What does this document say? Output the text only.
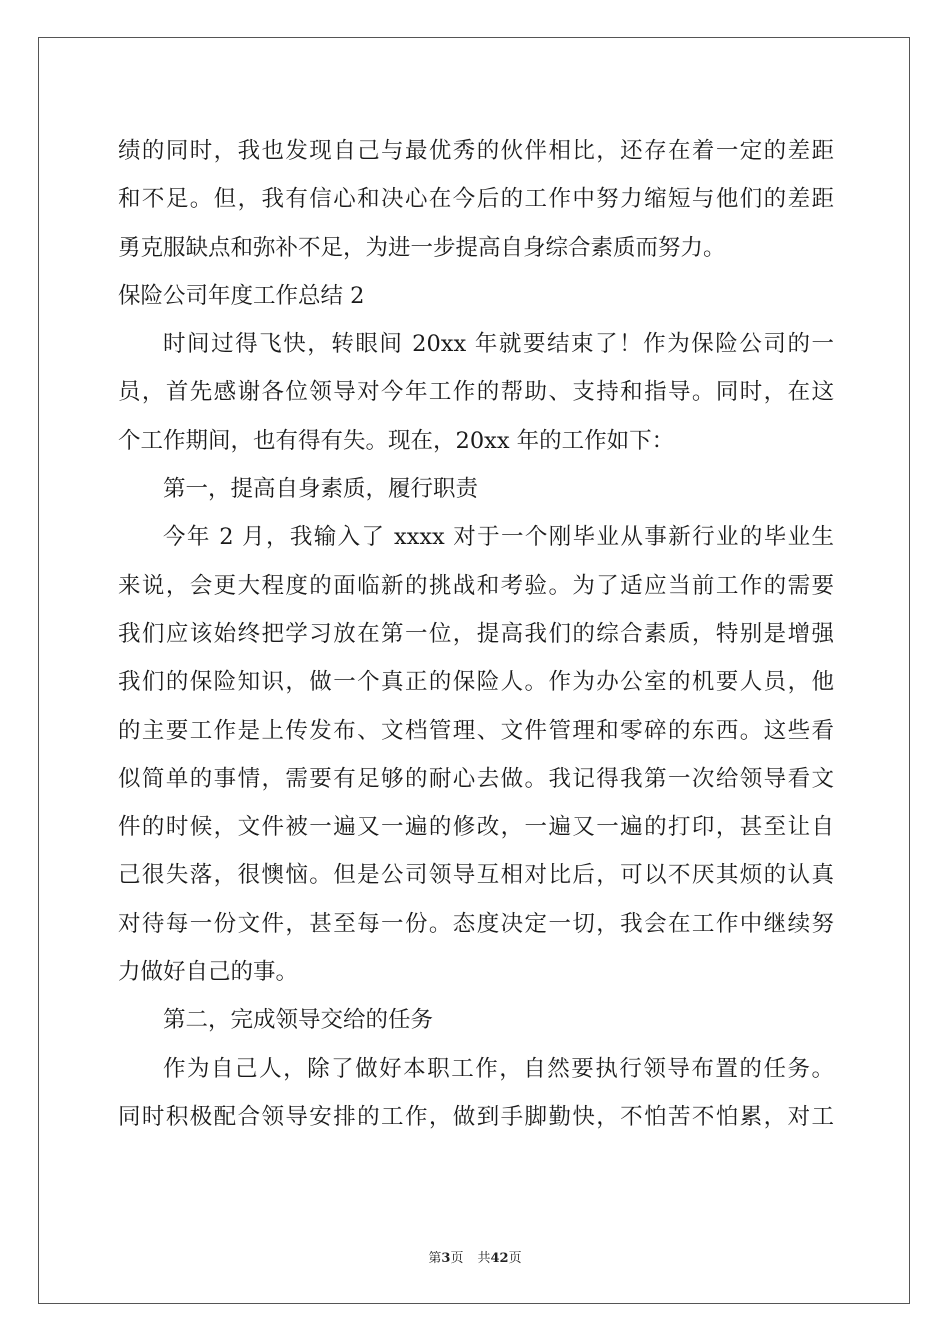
绩的同时，我也发现自己与最优秀的伙伴相比，还存在着一定的差距
和不足。但，我有信心和决心在今后的工作中努力缩短与他们的差距
勇克服缺点和弥补不足，为进一步提高自身综合素质而努力。
保险公司年度工作总结 2
时间过得飞快，转眼间 20xx 年就要结束了！作为保险公司的一
员，首先感谢各位领导对今年工作的帮助、支持和指导。同时，在这
个工作期间，也有得有失。现在，20xx 年的工作如下：
第一，提高自身素质，履行职责
今年 2 月，我输入了 xxxx 对于一个刚毕业从事新行业的毕业生
来说，会更大程度的面临新的挑战和考验。为了适应当前工作的需要
我们应该始终把学习放在第一位，提高我们的综合素质，特别是增强
我们的保险知识，做一个真正的保险人。作为办公室的机要人员，他
的主要工作是上传发布、文档管理、文件管理和零碎的东西。这些看
似简单的事情，需要有足够的耐心去做。我记得我第一次给领导看文
件的时候，文件被一遍又一遍的修改，一遍又一遍的打印，甚至让自
己很失落，很懊恼。但是公司领导互相对比后，可以不厌其烦的认真
对待每一份文件，甚至每一份。态度决定一切，我会在工作中继续努
力做好自己的事。
第二，完成领导交给的任务
作为自己人，除了做好本职工作，自然要执行领导布置的任务。
同时积极配合领导安排的工作，做到手脚勤快，不怕苦不怕累，对工
第3页 共42页
